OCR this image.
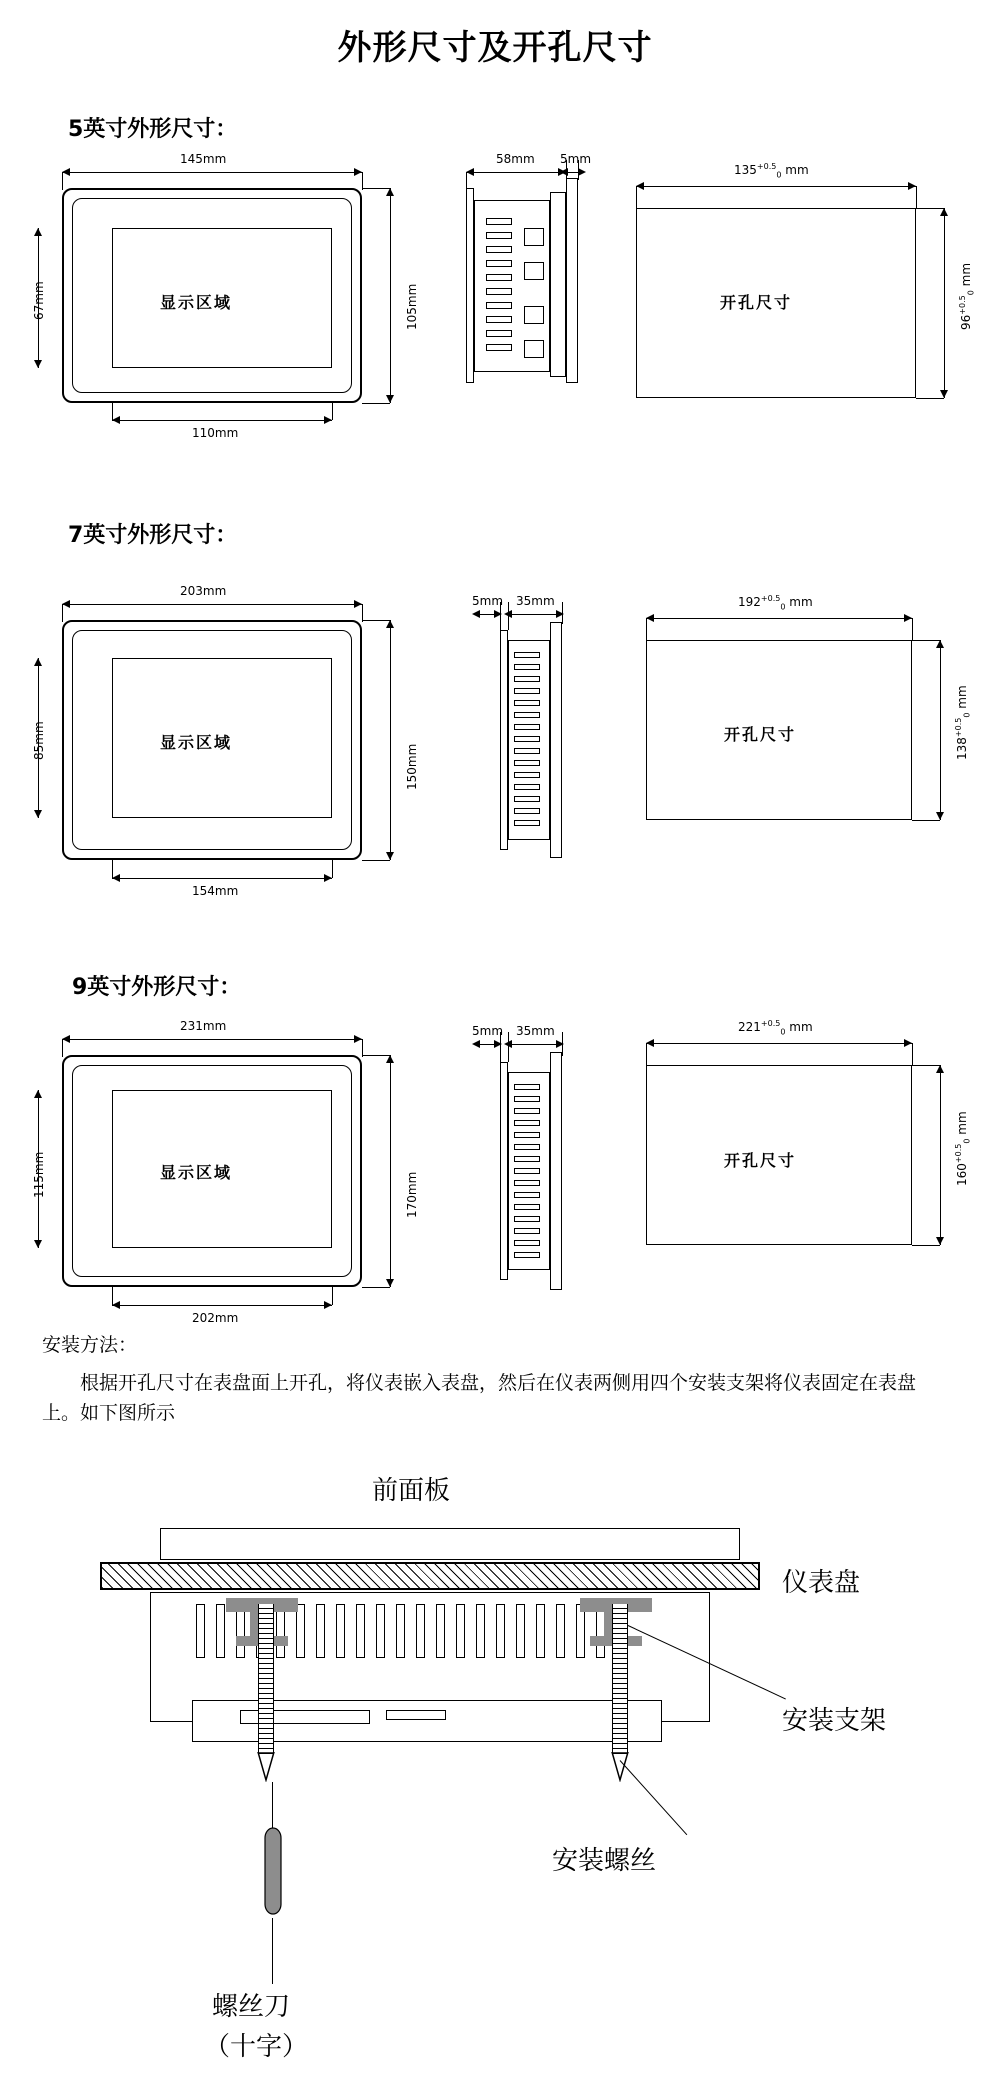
外形尺寸及开孔尺寸
5英寸外形尺寸：
显示区域
145mm
105mm
67mm
110mm
58mm 5mm
开孔尺寸
$135^{+0.5}_0$ mm
$96^{+0.5}_0$ mm
7英寸外形尺寸：
显示区域
203mm
150mm
85mm
154mm
5mm 35mm
开孔尺寸
$192^{+0.5}_0$ mm
$138^{+0.5}_0$ mm
9英寸外形尺寸：
显示区域
231mm
170mm
115mm
202mm
5mm 35mm
开孔尺寸
$221^{+0.5}_0$ mm
$160^{+0.5}_0$ mm
安装方法：
根据开孔尺寸在表盘面上开孔，将仪表嵌入表盘，然后在仪表两侧用四个安装支架将仪表固定在表盘上。如下图所示
前面板
仪表盘
安装支架
安装螺丝
螺丝刀
（十字）
